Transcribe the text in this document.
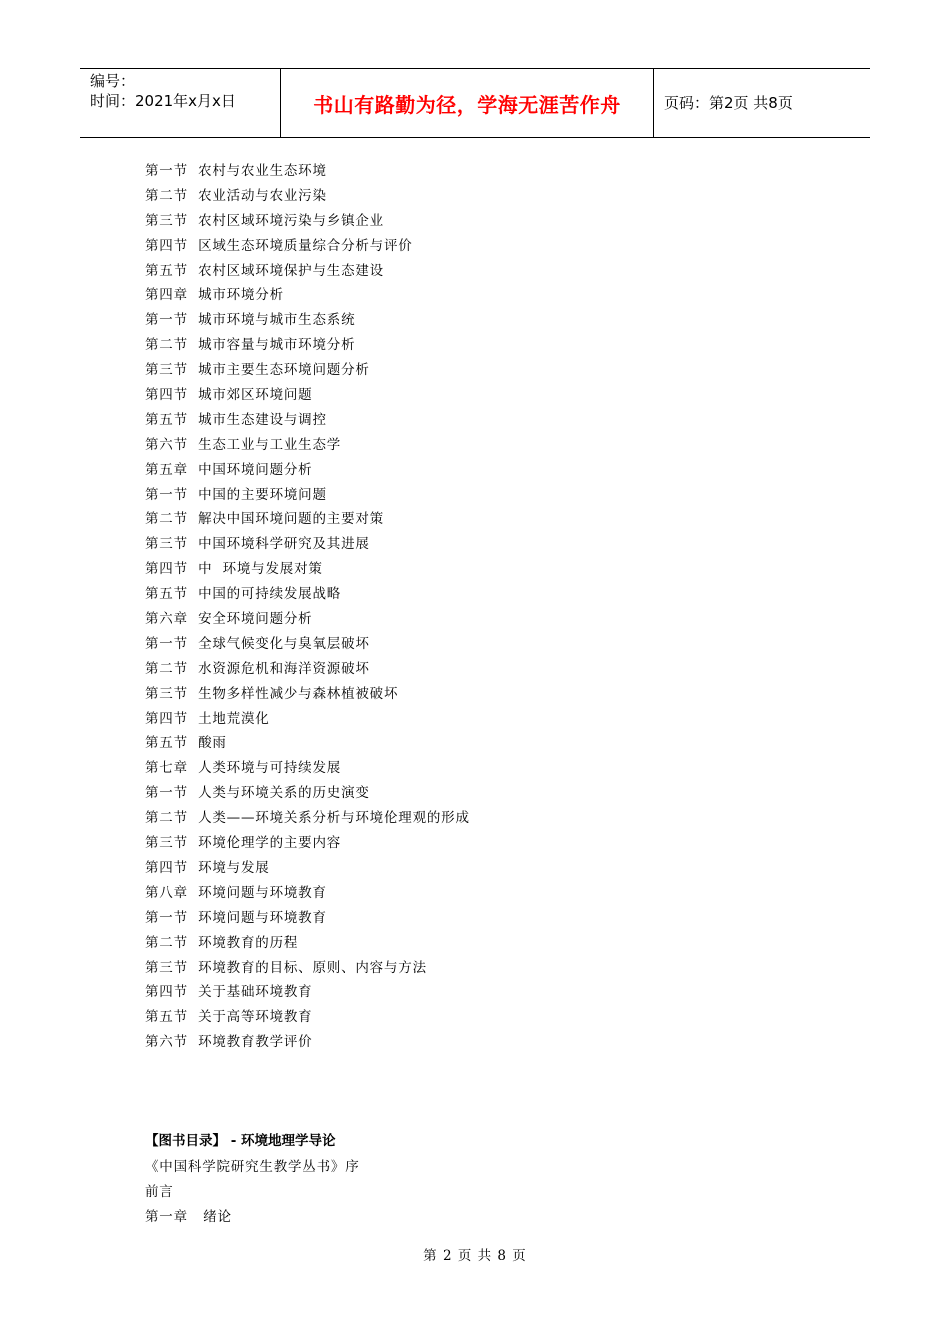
编号：
时间：2021年x月x日	书山有路勤为径，学海无涯苦作舟	页码：第2页 共8页
第一节  农村与农业生态环境
第二节  农业活动与农业污染
第三节  农村区域环境污染与乡镇企业
第四节  区域生态环境质量综合分析与评价
第五节  农村区域环境保护与生态建设
第四章  城市环境分析
第一节  城市环境与城市生态系统
第二节  城市容量与城市环境分析
第三节  城市主要生态环境问题分析
第四节  城市郊区环境问题
第五节  城市生态建设与调控
第六节  生态工业与工业生态学
第五章  中国环境问题分析
第一节  中国的主要环境问题
第二节  解决中国环境问题的主要对策
第三节  中国环境科学研究及其进展
第四节  中  环境与发展对策
第五节  中国的可持续发展战略
第六章  安全环境问题分析
第一节  全球气候变化与臭氧层破坏
第二节  水资源危机和海洋资源破坏
第三节  生物多样性减少与森林植被破坏
第四节  土地荒漠化
第五节  酸雨
第七章  人类环境与可持续发展
第一节  人类与环境关系的历史演变
第二节  人类——环境关系分析与环境伦理观的形成
第三节  环境伦理学的主要内容
第四节  环境与发展
第八章  环境问题与环境教育
第一节  环境问题与环境教育
第二节  环境教育的历程
第三节  环境教育的目标、原则、内容与方法
第四节  关于基础环境教育
第五节  关于高等环境教育
第六节  环境教育教学评价
【图书目录】 - 环境地理学导论
《中国科学院研究生教学丛书》序
前言
第一章   绪论
第 2 页 共 8 页
